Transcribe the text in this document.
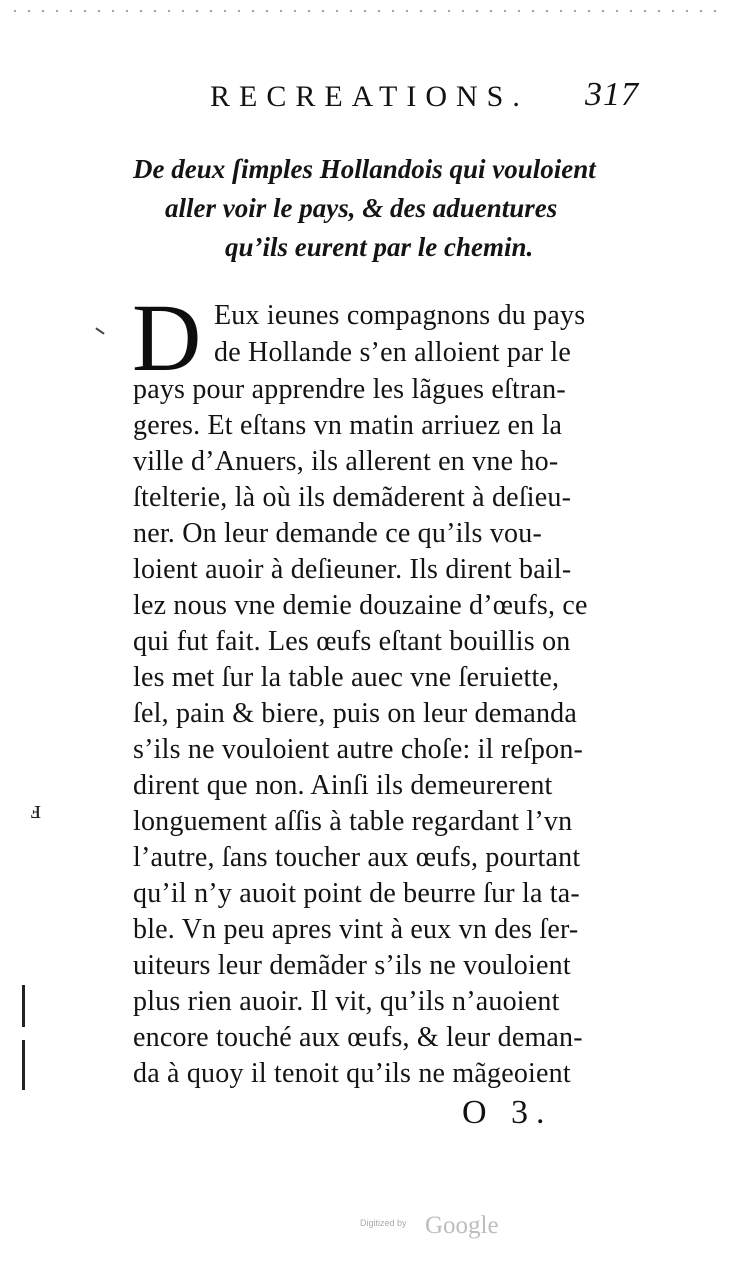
RECREATIONS.	317
De deux ſimples Hollandois qui vouloient
aller voir le pays, & des aduentures
qu’ils eurent par le chemin.
D Eux ieunes compagnons du pays
de Hollande s’en alloient par le
pays pour apprendre les lãgues eſtran-
geres. Et eſtans vn matin arriuez en la
ville d’Anuers, ils allerent en vne ho-
ſtelterie, là où ils demãderent à deſieu-
ner. On leur demande ce qu’ils vou-
loient auoir à deſieuner. Ils dirent bail-
lez nous vne demie douzaine d’œufs, ce
qui fut fait. Les œufs eſtant bouillis on
les met ſur la table auec vne ſeruiette,
ſel, pain & biere, puis on leur demanda
s’ils ne vouloient autre choſe: il reſpon-
dirent que non. Ainſi ils demeurerent
longuement aſſis à table regardant l’vn
l’autre, ſans toucher aux œufs, pourtant
qu’il n’y auoit point de beurre ſur la ta-
ble. Vn peu apres vint à eux vn des ſer-
uiteurs leur demãder s’ils ne vouloient
plus rien auoir. Il vit, qu’ils n’auoient
encore touché aux œufs, & leur deman-
da à quoy il tenoit qu’ils ne mãgeoient
O 3.
ⅎ
Digitized by Google
